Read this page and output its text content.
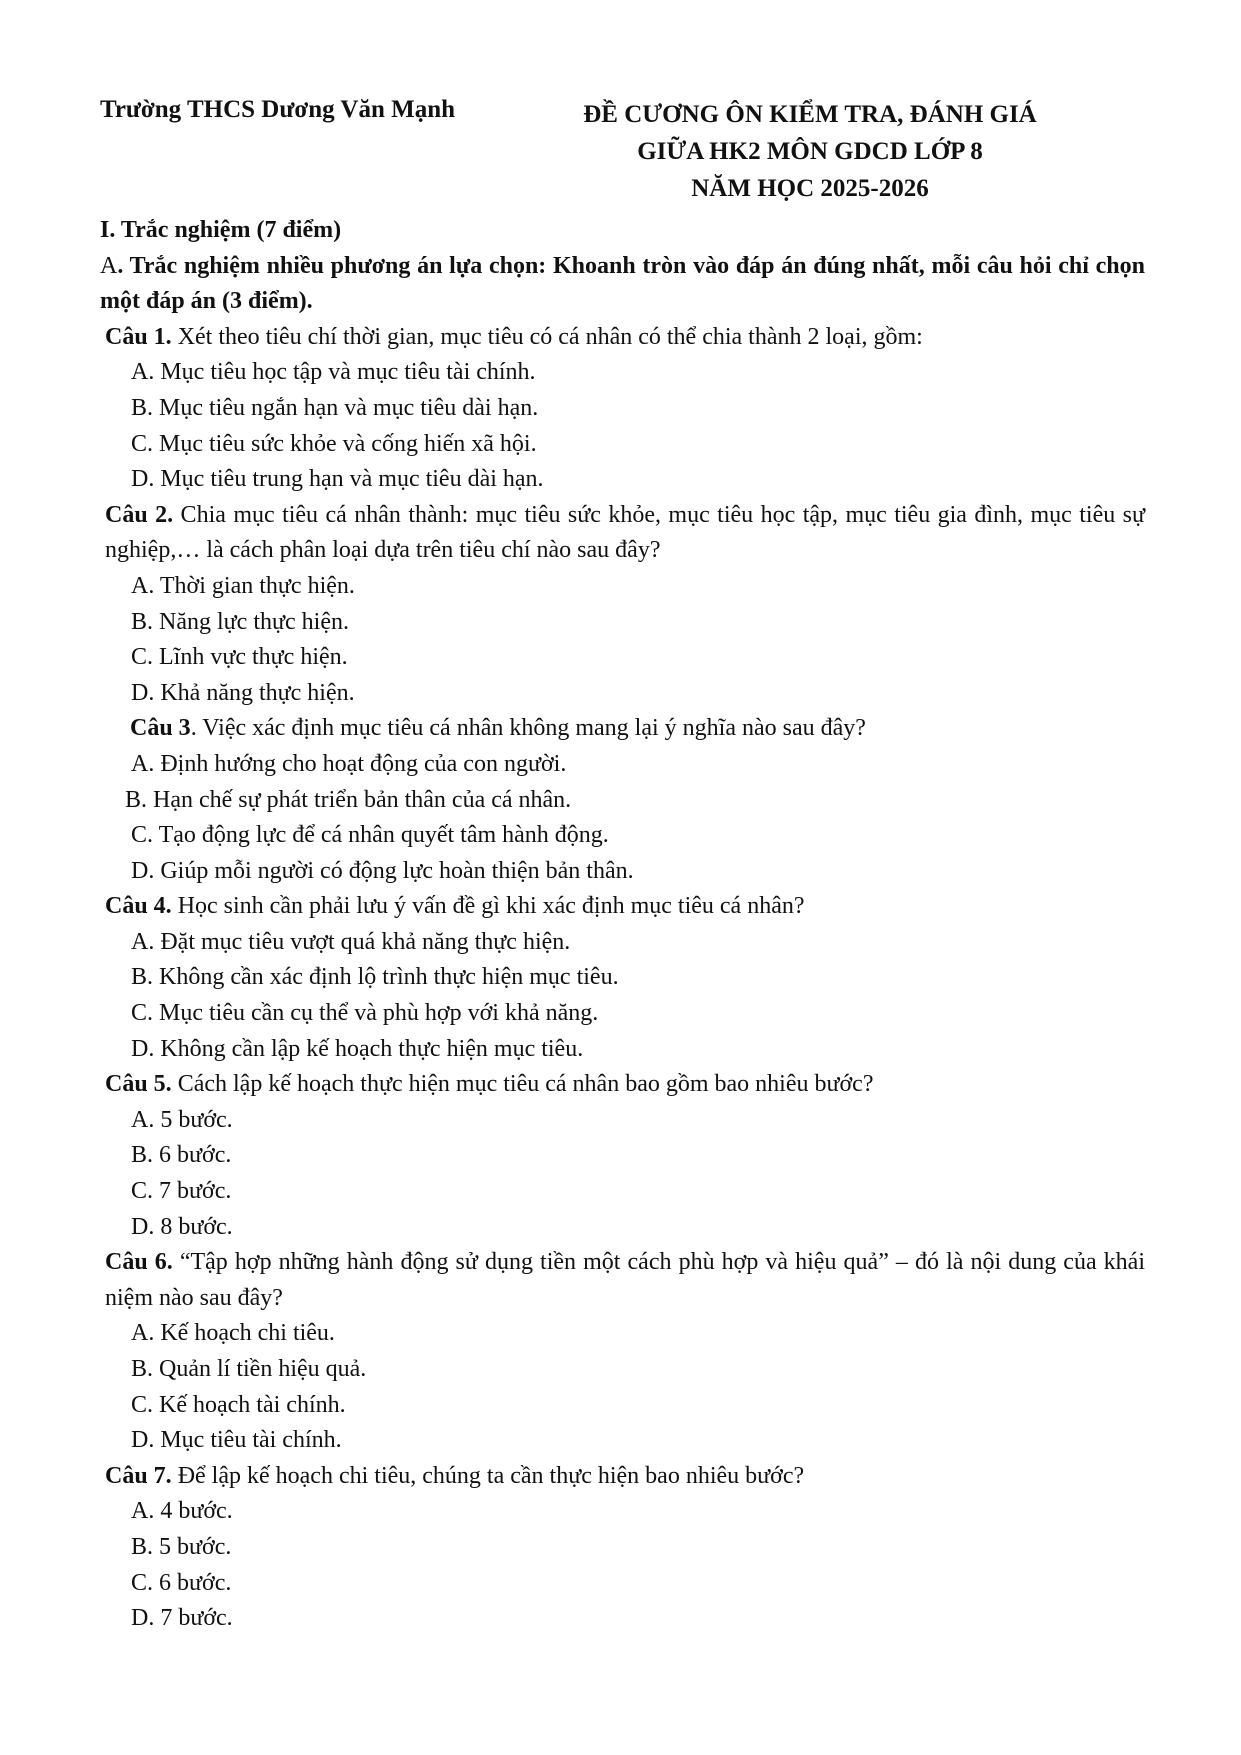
Trường THCS Dương Văn Mạnh	ĐỀ CƯƠNG ÔN KIỂM TRA, ĐÁNH GIÁ
GIỮA HK2 MÔN GDCD LỚP 8
NĂM HỌC 2025-2026
I. Trắc nghiệm (7 điểm)
A. Trắc nghiệm nhiều phương án lựa chọn: Khoanh tròn vào đáp án đúng nhất, mỗi câu hỏi chỉ chọn một đáp án (3 điểm).
Câu 1. Xét theo tiêu chí thời gian, mục tiêu có cá nhân có thể chia thành 2 loại, gồm:
A. Mục tiêu học tập và mục tiêu tài chính.
B. Mục tiêu ngắn hạn và mục tiêu dài hạn.
C. Mục tiêu sức khỏe và cống hiến xã hội.
D. Mục tiêu trung hạn và mục tiêu dài hạn.
Câu 2. Chia mục tiêu cá nhân thành: mục tiêu sức khỏe, mục tiêu học tập, mục tiêu gia đình, mục tiêu sự nghiệp,… là cách phân loại dựa trên tiêu chí nào sau đây?
A. Thời gian thực hiện.
B. Năng lực thực hiện.
C. Lĩnh vực thực hiện.
D. Khả năng thực hiện.
Câu 3. Việc xác định mục tiêu cá nhân không mang lại ý nghĩa nào sau đây?
A. Định hướng cho hoạt động của con người.
B. Hạn chế sự phát triển bản thân của cá nhân.
C. Tạo động lực để cá nhân quyết tâm hành động.
D. Giúp mỗi người có động lực hoàn thiện bản thân.
Câu 4. Học sinh cần phải lưu ý vấn đề gì khi xác định mục tiêu cá nhân?
A. Đặt mục tiêu vượt quá khả năng thực hiện.
B. Không cần xác định lộ trình thực hiện mục tiêu.
C. Mục tiêu cần cụ thể và phù hợp với khả năng.
D. Không cần lập kế hoạch thực hiện mục tiêu.
Câu 5. Cách lập kế hoạch thực hiện mục tiêu cá nhân bao gồm bao nhiêu bước?
A. 5 bước.
B. 6 bước.
C. 7 bước.
D. 8 bước.
Câu 6. “Tập hợp những hành động sử dụng tiền một cách phù hợp và hiệu quả” – đó là nội dung của khái niệm nào sau đây?
A. Kế hoạch chi tiêu.
B. Quản lí tiền hiệu quả.
C. Kế hoạch tài chính.
D. Mục tiêu tài chính.
Câu 7. Để lập kế hoạch chi tiêu, chúng ta cần thực hiện bao nhiêu bước?
A. 4 bước.
B. 5 bước.
C. 6 bước.
D. 7 bước.
